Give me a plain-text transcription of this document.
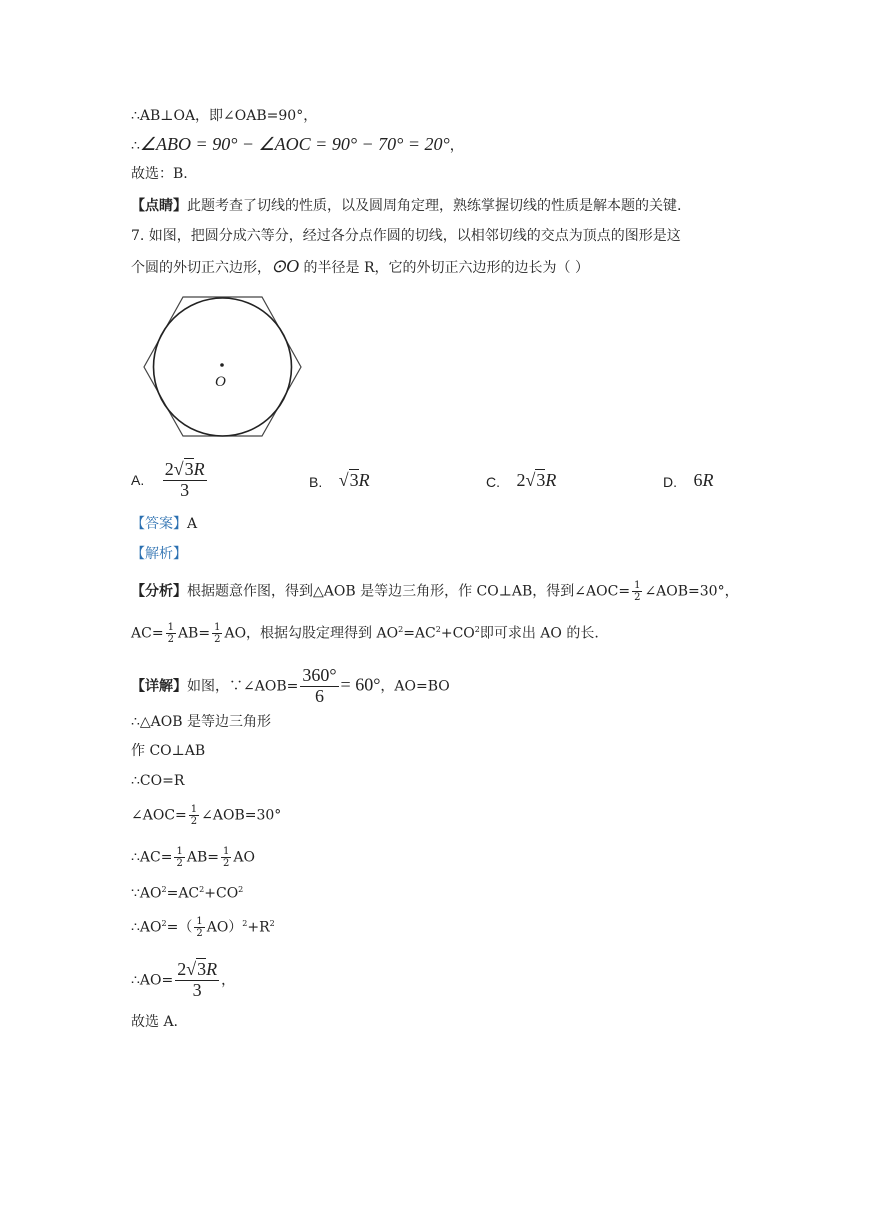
∴AB⊥OA，即∠OAB=90°，
∴∠ABO = 90° − ∠AOC = 90° − 70° = 20°，
故选：B.
【点睛】此题考查了切线的性质，以及圆周角定理，熟练掌握切线的性质是解本题的关键.
7. 如图，把圆分成六等分，经过各分点作圆的切线，以相邻切线的交点为顶点的图形是这
个圆的外切正六边形，⊙O 的半径是 R，它的外切正六边形的边长为（ ）
O
A. $\frac{2√3R}{3}$	B. √3R	C. 2√3R	D. 6R
【答案】A
【解析】
【分析】根据题意作图，得到△AOB 是等边三角形，作 CO⊥AB，得到∠AOC= $\frac{1}{2}$ ∠AOB=30°，
$AC= \frac{1}{2} AB= \frac{1}{2}$ AO，根据勾股定理得到 $AO^2=AC^2+CO^2$即可求出 AO 的长.
【详解】如图，∵∠AOB= $\frac{360^\circ}{6} = 60^\circ$，AO=BO
∴△AOB 是等边三角形
作 CO⊥AB
∴CO=R
∠AOC= $\frac{1}{2}$ ∠AOB=30°
∴AC= $\frac{1}{2} AB= \frac{1}{2}$ AO
$\because AO^2=AC^2+CO^2$
$\therefore AO^2=( \frac{1}{2} AO)^2+R^2$
∴AO= $\frac{2√3R}{3}$ ，
故选 A.
